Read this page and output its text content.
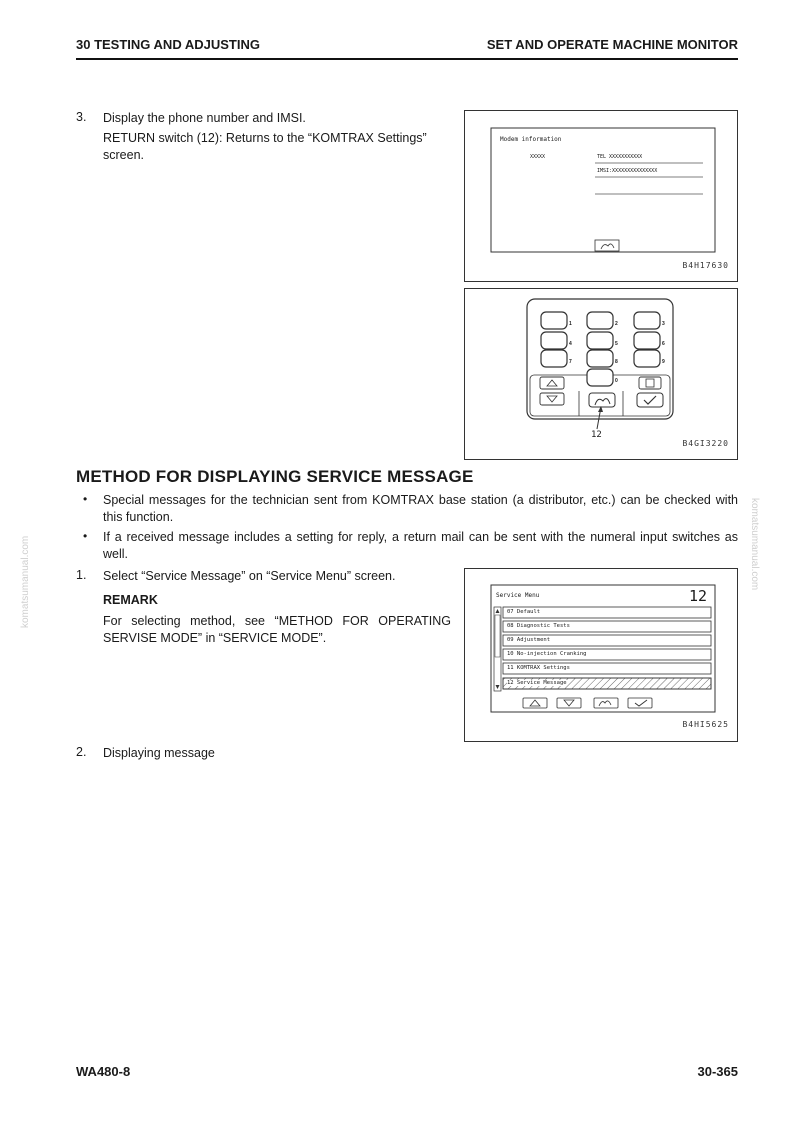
30 TESTING AND ADJUSTING	SET AND OPERATE MACHINE MONITOR
3. Display the phone number and IMSI.
RETURN switch (12): Returns to the “KOMTRAX Settings” screen.
Modem information
XXXXX	TEL XXXXXXXXXXX
IMSI:XXXXXXXXXXXXXXX
B4H17630
1	2	3
4	5	6
7	8	9
0
12
B4GI3220
METHOD FOR DISPLAYING SERVICE MESSAGE
• Special messages for the technician sent from KOMTRAX base station (a distributor, etc.) can be checked with this function.
• If a received message includes a setting for reply, a return mail can be sent with the numeral input switches as well.
1. Select “Service Message” on “Service Menu” screen.
REMARK
For selecting method, see “METHOD FOR OPERATING SERVISE MODE” in “SERVICE MODE”.
Service Menu	12
07 Default
08 Diagnostic Tests
09 Adjustment
10 No-injection Cranking
11 KOMTRAX Settings
12 Service Message
B4HI5625
2. Displaying message
komatsumanual.com	komatsumanual.com
WA480-8	30-365
